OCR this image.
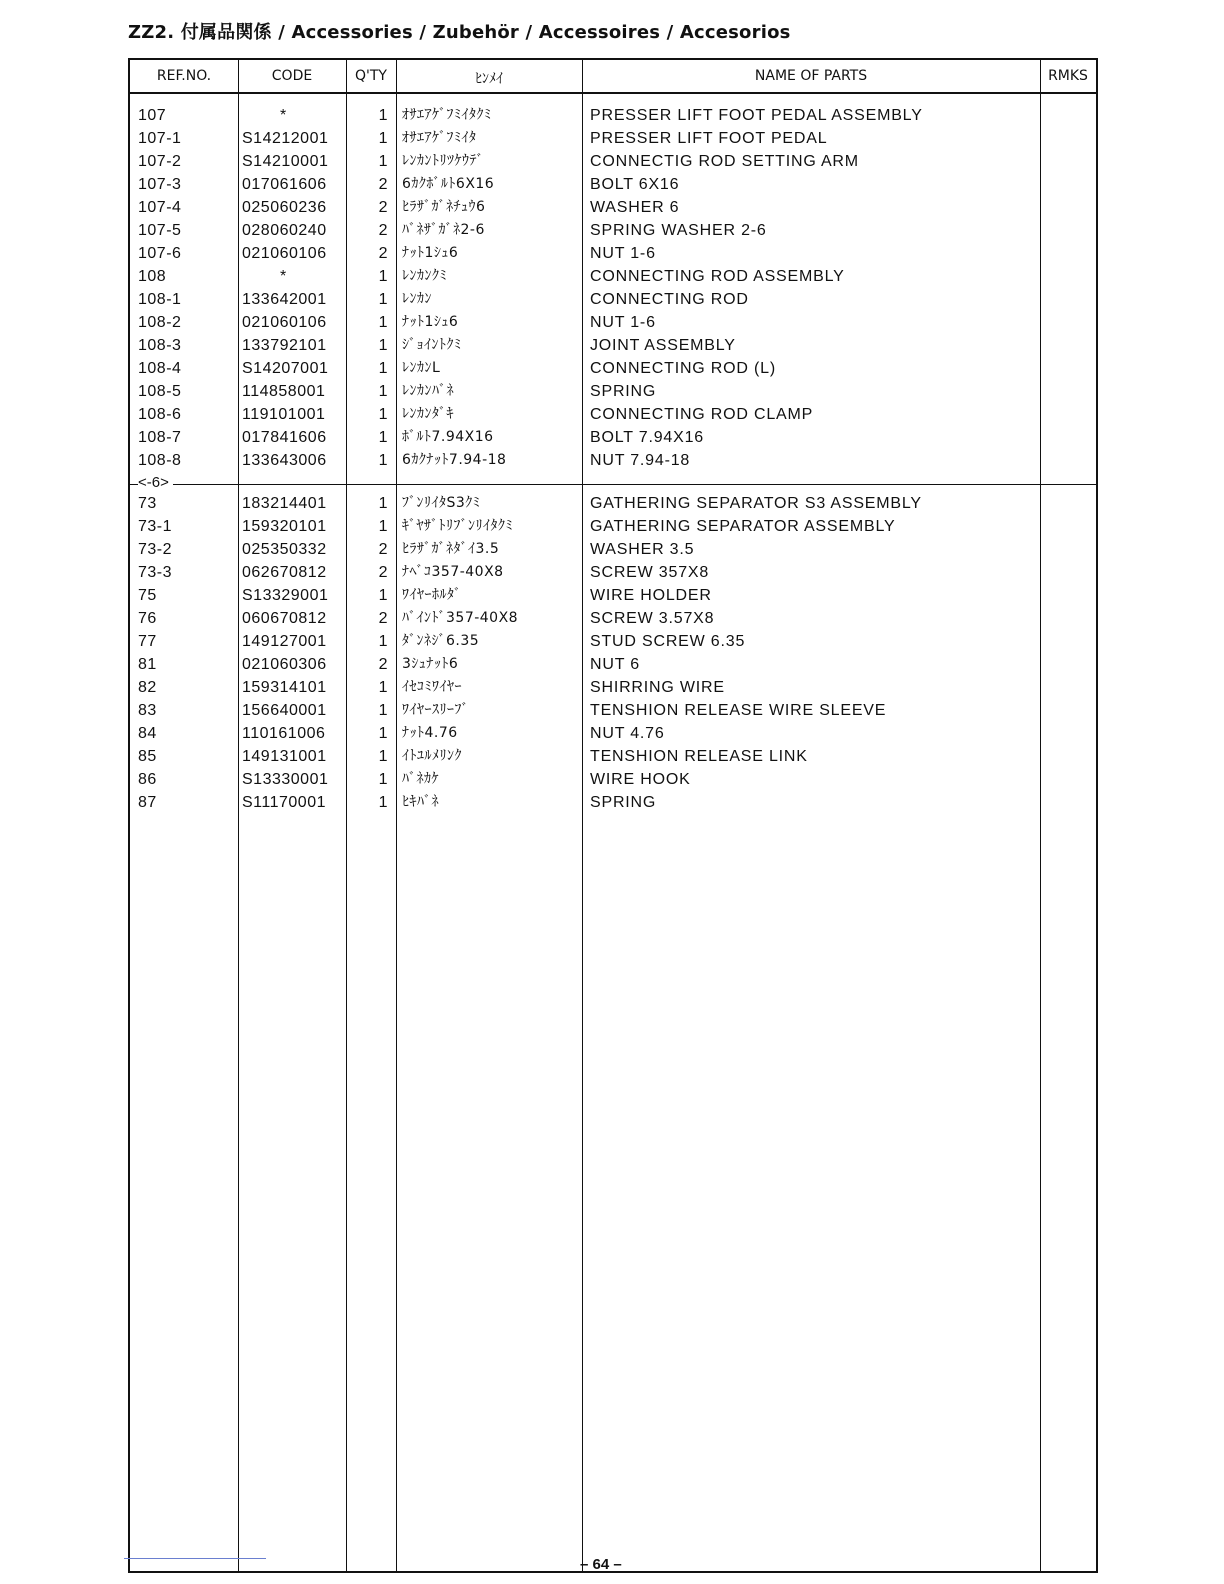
ZZ2. 付属品関係 / Accessories / Zubehör / Accessoires / Accesorios
REF.NO.	CODE	Q'TY	ﾋﾝﾒｲ	NAME OF PARTS	RMKS
107	*	1 ｵｻｴｱｹﾞﾌﾐｲﾀｸﾐ	PRESSER LIFT FOOT PEDAL ASSEMBLY
107-1	S14212001	1 ｵｻｴｱｹﾞﾌﾐｲﾀ	PRESSER LIFT FOOT PEDAL
107-2	S14210001	1 ﾚﾝｶﾝﾄﾘﾂｹｳﾃﾞ	CONNECTIG ROD SETTING ARM
107-3	017061606	2 6ｶｸﾎﾞﾙﾄ6X16	BOLT 6X16
107-4	025060236	2 ﾋﾗｻﾞｶﾞﾈﾁｭｳ6	WASHER 6
107-5	028060240	2 ﾊﾞﾈｻﾞｶﾞﾈ2-6	SPRING WASHER 2-6
107-6	021060106	2 ﾅｯﾄ1ｼｭ6	NUT 1-6
108	*	1 ﾚﾝｶﾝｸﾐ	CONNECTING ROD ASSEMBLY
108-1	133642001	1 ﾚﾝｶﾝ	CONNECTING ROD
108-2	021060106	1 ﾅｯﾄ1ｼｭ6	NUT 1-6
108-3	133792101	1 ｼﾞｮｲﾝﾄｸﾐ	JOINT ASSEMBLY
108-4	S14207001	1 ﾚﾝｶﾝL	CONNECTING ROD (L)
108-5	114858001	1 ﾚﾝｶﾝﾊﾞﾈ	SPRING
108-6	119101001	1 ﾚﾝｶﾝﾀﾞｷ	CONNECTING ROD CLAMP
108-7	017841606	1 ﾎﾞﾙﾄ7.94X16	BOLT 7.94X16
108-8	133643006	1 6ｶｸﾅｯﾄ7.94-18	NUT 7.94-18
<-6>
73	183214401	1 ﾌﾞﾝﾘｲﾀS3ｸﾐ	GATHERING SEPARATOR S3 ASSEMBLY
73-1	159320101	1 ｷﾞﾔｻﾞﾄﾘﾌﾞﾝﾘｲﾀｸﾐ	GATHERING SEPARATOR ASSEMBLY
73-2	025350332	2 ﾋﾗｻﾞｶﾞﾈﾀﾞｲ3.5	WASHER 3.5
73-3	062670812	2 ﾅﾍﾞｺ357-40X8	SCREW 357X8
75	S13329001	1 ﾜｲﾔｰﾎﾙﾀﾞ	WIRE HOLDER
76	060670812	2 ﾊﾞｲﾝﾄﾞ357-40X8	SCREW 3.57X8
77	149127001	1 ﾀﾞﾝﾈｼﾞ6.35	STUD SCREW 6.35
81	021060306	2 3ｼｭﾅｯﾄ6	NUT 6
82	159314101	1 ｲｾｺﾐﾜｲﾔｰ	SHIRRING WIRE
83	156640001	1 ﾜｲﾔｰｽﾘｰﾌﾞ	TENSHION RELEASE WIRE SLEEVE
84	110161006	1 ﾅｯﾄ4.76	NUT 4.76
85	149131001	1 ｲﾄﾕﾙﾒﾘﾝｸ	TENSHION RELEASE LINK
86	S13330001	1 ﾊﾞﾈｶｹ	WIRE HOOK
87	S11170001	1 ﾋｷﾊﾞﾈ	SPRING
– 64 –
